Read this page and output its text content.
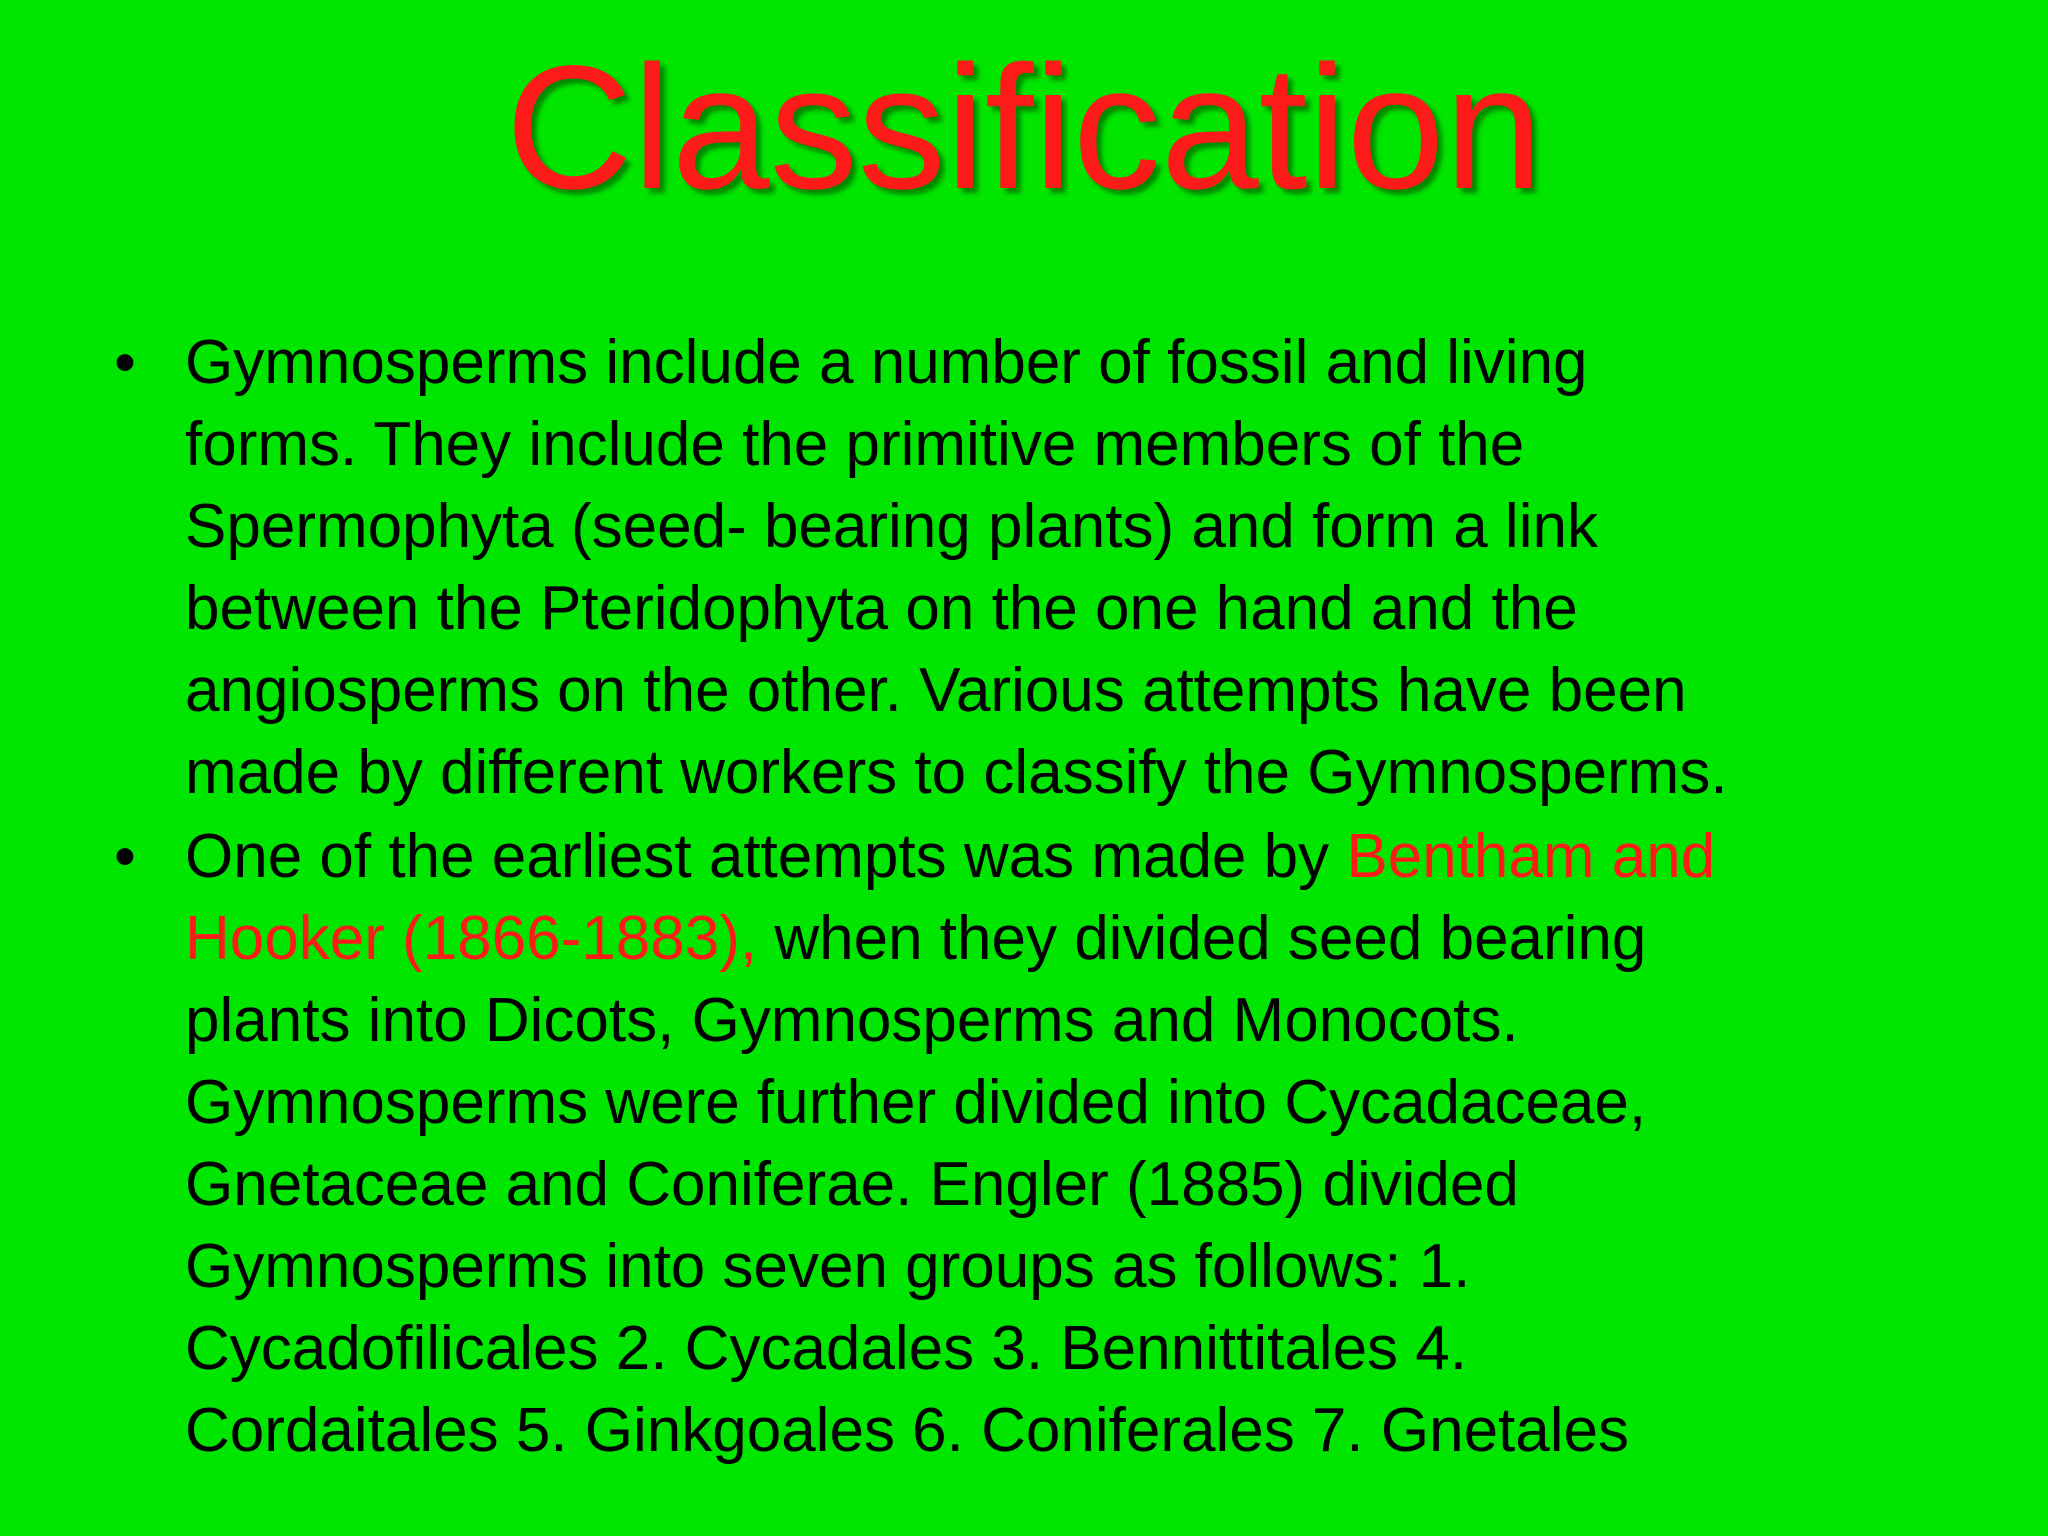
Classification
• Gymnosperms include a number of fossil and living
forms. They include the primitive members of the
Spermophyta (seed- bearing plants) and form a link
between the Pteridophyta on the one hand and the
angiosperms on the other. Various attempts have been
made by different workers to classify the Gymnosperms.
• One of the earliest attempts was made by Bentham and
Hooker (1866-1883), when they divided seed bearing
plants into Dicots, Gymnosperms and Monocots.
Gymnosperms were further divided into Cycadaceae,
Gnetaceae and Coniferae. Engler (1885) divided
Gymnosperms into seven groups as follows: 1.
Cycadofilicales 2. Cycadales 3. Bennittitales 4.
Cordaitales 5. Ginkgoales 6. Coniferales 7. Gnetales
